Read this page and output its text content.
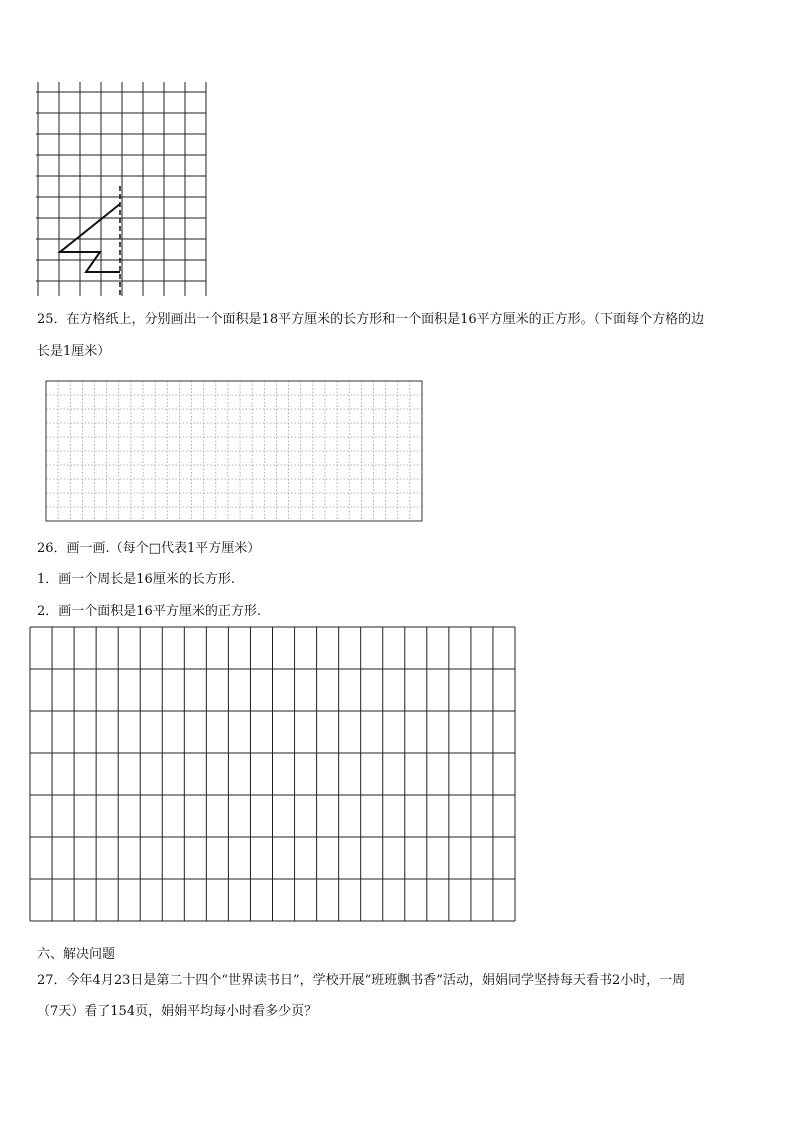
25．在方格纸上，分别画出一个面积是18平方厘米的长方形和一个面积是16平方厘米的正方形。（下面每个方格的边
长是1厘米）
26．画一画.（每个□代表1平方厘米）
1．画一个周长是16厘米的长方形.
2．画一个面积是16平方厘米的正方形.
六、解决问题
27．今年4月23日是第二十四个“世界读书日”，学校开展“班班飘书香”活动，娟娟同学坚持每天看书2小时，一周
（7天）看了154页，娟娟平均每小时看多少页？
